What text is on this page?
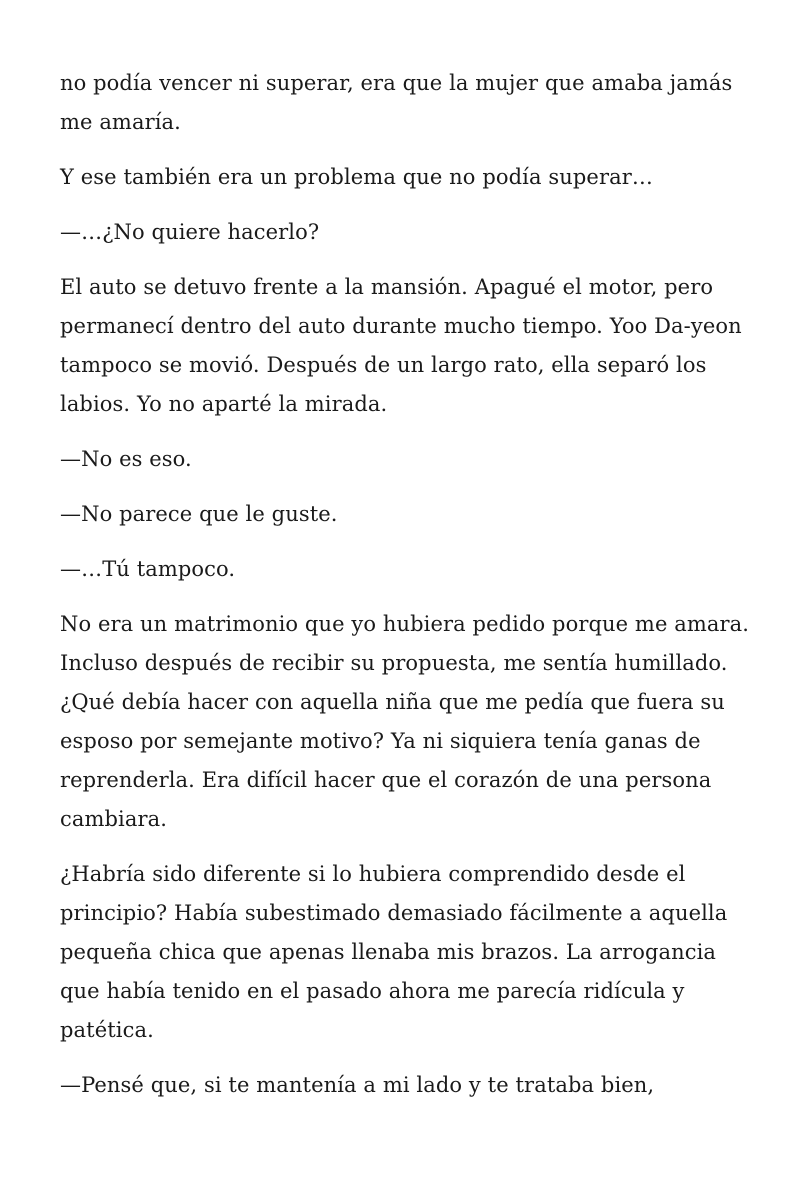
no podía vencer ni superar, era que la mujer que amaba jamás me amaría.

Y ese también era un problema que no podía superar…

—…¿No quiere hacerlo?

El auto se detuvo frente a la mansión. Apagué el motor, pero permanecí dentro del auto durante mucho tiempo. Yoo Da-yeon tampoco se movió. Después de un largo rato, ella separó los labios. Yo no aparté la mirada.

—No es eso.

—No parece que le guste.

—…Tú tampoco.

No era un matrimonio que yo hubiera pedido porque me amara. Incluso después de recibir su propuesta, me sentía humillado. ¿Qué debía hacer con aquella niña que me pedía que fuera su esposo por semejante motivo? Ya ni siquiera tenía ganas de reprenderla. Era difícil hacer que el corazón de una persona cambiara.

¿Habría sido diferente si lo hubiera comprendido desde el principio? Había subestimado demasiado fácilmente a aquella pequeña chica que apenas llenaba mis brazos. La arrogancia que había tenido en el pasado ahora me parecía ridícula y patética.

—Pensé que, si te mantenía a mi lado y te trataba bien,
